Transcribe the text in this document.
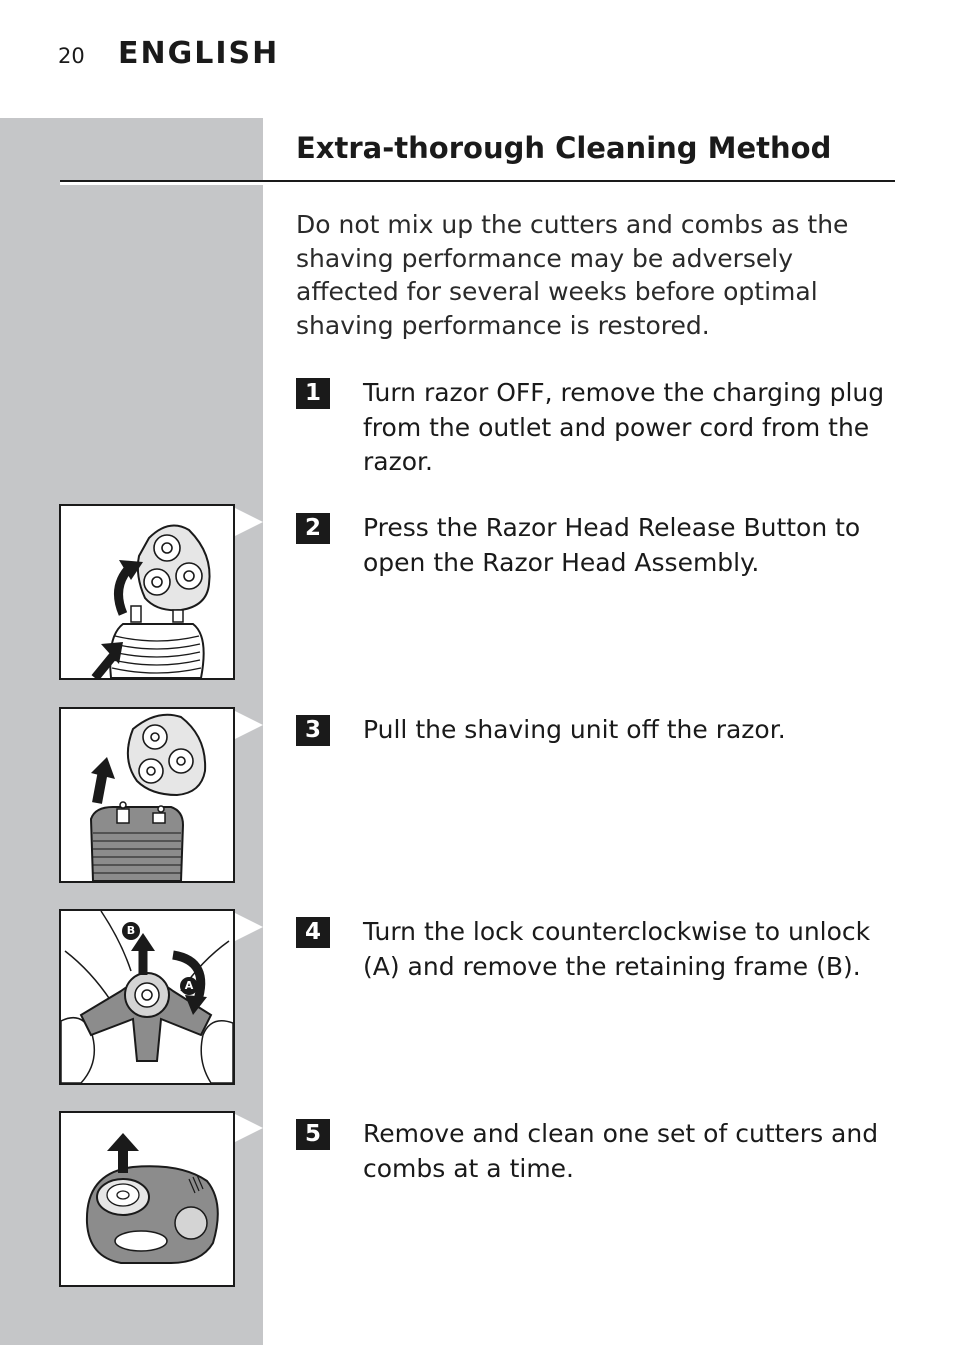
20 ENGLISH
Extra-thorough Cleaning Method
Do not mix up the cutters and combs as the shaving performance may be adversely affected for several weeks before optimal shaving performance is restored.
1	Turn razor OFF, remove the charging plug from the outlet and power cord from the razor.
2	Press the Razor Head Release Button to open the Razor Head Assembly.
3	Pull the shaving unit off the razor.
4	Turn the lock counterclockwise to unlock (A) and remove the retaining frame (B).
5	Remove and clean one set of cutters and combs at a time.
B
A
